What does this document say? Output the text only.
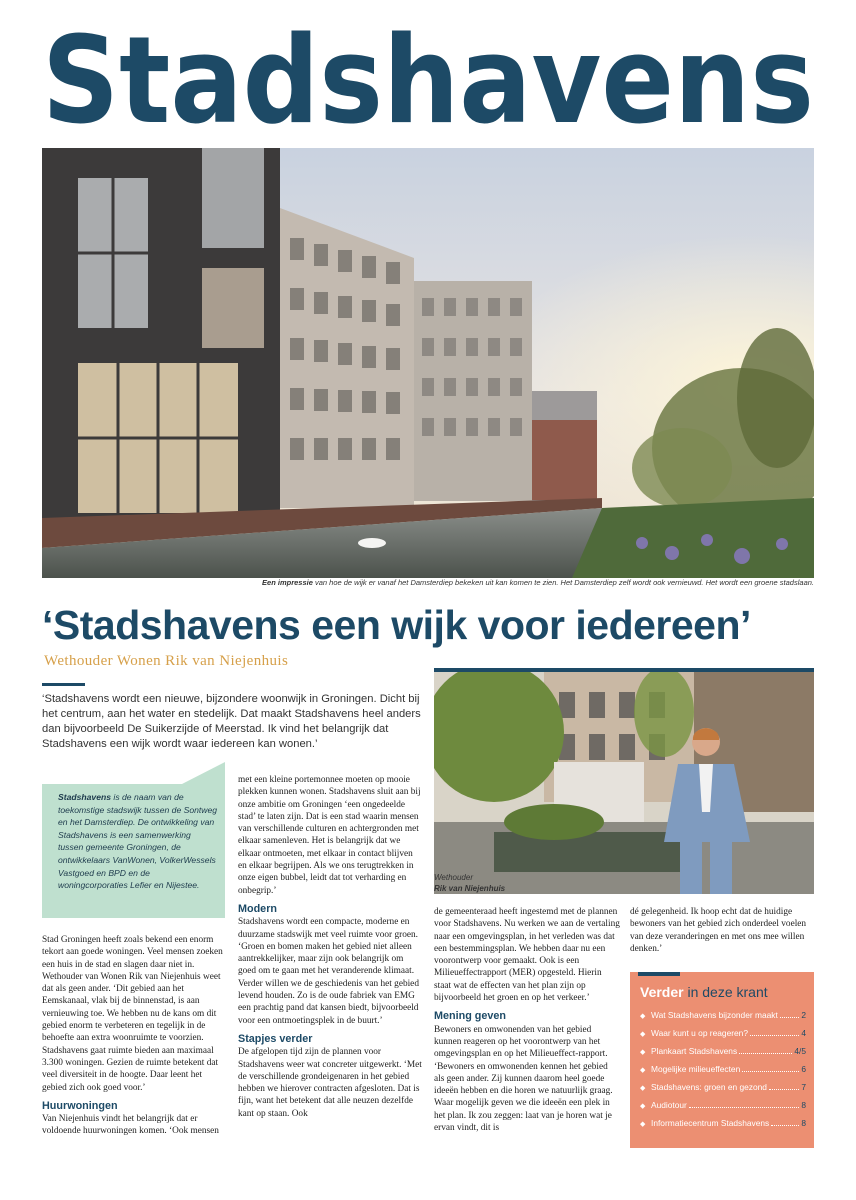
Stadshavens
Een impressie van hoe de wijk er vanaf het Damsterdiep bekeken uit kan komen te zien. Het Damsterdiep zelf wordt ook vernieuwd. Het wordt een groene stadslaan.
‘Stadshavens een wijk voor iedereen’
Wethouder Wonen Rik van Niejenhuis
‘Stadshavens wordt een nieuwe, bijzondere woonwijk in Groningen. Dicht bij het centrum, aan het water en stedelijk. Dat maakt Stadshavens heel anders dan bijvoorbeeld De Suikerzijde of Meerstad. Ik vind het belangrijk dat Stadshavens een wijk wordt waar iedereen kan wonen.’
Wethouder
Rik van Niejenhuis
Stadshavens is de naam van de toekomstige stadswijk tussen de Sontweg en het Damsterdiep. De ontwikkeling van Stadshavens is een samenwerking tussen gemeente Groningen, de ontwikkelaars VanWonen, VolkerWessels Vastgoed en BPD en de woningcorporaties Lefier en Nijestee.

Stad Groningen heeft zoals bekend een enorm tekort aan goede woningen. Veel mensen zoeken een huis in de stad en slagen daar niet in. Wethouder van Wonen Rik van Niejenhuis weet dat als geen ander. ‘Dit gebied aan het Eemskanaal, vlak bij de binnenstad, is aan vernieuwing toe. We hebben nu de kans om dit gebied enorm te verbeteren en tegelijk in de behoefte aan extra woonruimte te voorzien. Stadshavens gaat ruimte bieden aan maximaal 3.300 woningen. Gezien de ruimte betekent dat veel diversiteit in de hoogte. Daar leent het gebied zich ook goed voor.’

Huurwoningen

Van Niejenhuis vindt het belangrijk dat er voldoende huurwoningen komen. ‘Ook mensen

met een kleine portemonnee moeten op mooie plekken kunnen wonen. Stadshavens sluit aan bij onze ambitie om Groningen ‘een ongedeelde stad’ te laten zijn. Dat is een stad waarin mensen van verschillende culturen en achtergronden met elkaar samenleven. Het is belangrijk dat we elkaar ontmoeten, met elkaar in contact blijven en elkaar begrijpen. Als we ons terugtrekken in onze eigen bubbel, leidt dat tot verharding en onbegrip.’

Modern

Stadshavens wordt een compacte, moderne en duurzame stadswijk met veel ruimte voor groen. ‘Groen en bomen maken het gebied niet alleen aantrekkelijker, maar zijn ook belangrijk om goed om te gaan met het veranderende klimaat. Verder willen we de geschiedenis van het gebied levend houden. Zo is de oude fabriek van EMG een prachtig pand dat kansen biedt, bijvoorbeeld voor een ontmoetingsplek in de buurt.’

Stapjes verder

De afgelopen tijd zijn de plannen voor Stadshavens weer wat concreter uitgewerkt. ‘Met de verschillende grondeigenaren in het gebied hebben we hierover contracten afgesloten. Dat is fijn, want het betekent dat alle neuzen dezelfde kant op staan. Ook

de gemeenteraad heeft ingestemd met de plannen voor Stadshavens. Nu werken we aan de vertaling naar een omgevingsplan, in het verleden was dat een bestemmingsplan. We hebben daar nu een voorontwerp voor gemaakt. Ook is een Milieueffectrapport (MER) opgesteld. Hierin staat wat de effecten van het plan zijn op bijvoorbeeld het groen en op het verkeer.’

Mening geven

Bewoners en omwonenden van het gebied kunnen reageren op het voorontwerp van het omgevingsplan en op het Milieueffect-rapport. ‘Bewoners en omwonenden kennen het gebied als geen ander. Zij kunnen daarom heel goede ideeën hebben en die horen we natuurlijk graag. Waar mogelijk geven we die ideeën een plek in het plan. Ik zou zeggen: laat van je horen wat je ervan vindt, dit is

dé gelegenheid. Ik hoop echt dat de huidige bewoners van het gebied zich onderdeel voelen van deze veranderingen en met ons mee willen denken.’

Verder in deze krant
◆ Wat Stadshavens bijzonder maakt	2
◆ Waar kunt u op reageren?	4
◆ Plankaart Stadshavens	4/5
◆ Mogelijke milieueffecten	6
◆ Stadshavens: groen en gezond	7
◆ Audiotour	8
◆ Informatiecentrum Stadshavens	8
